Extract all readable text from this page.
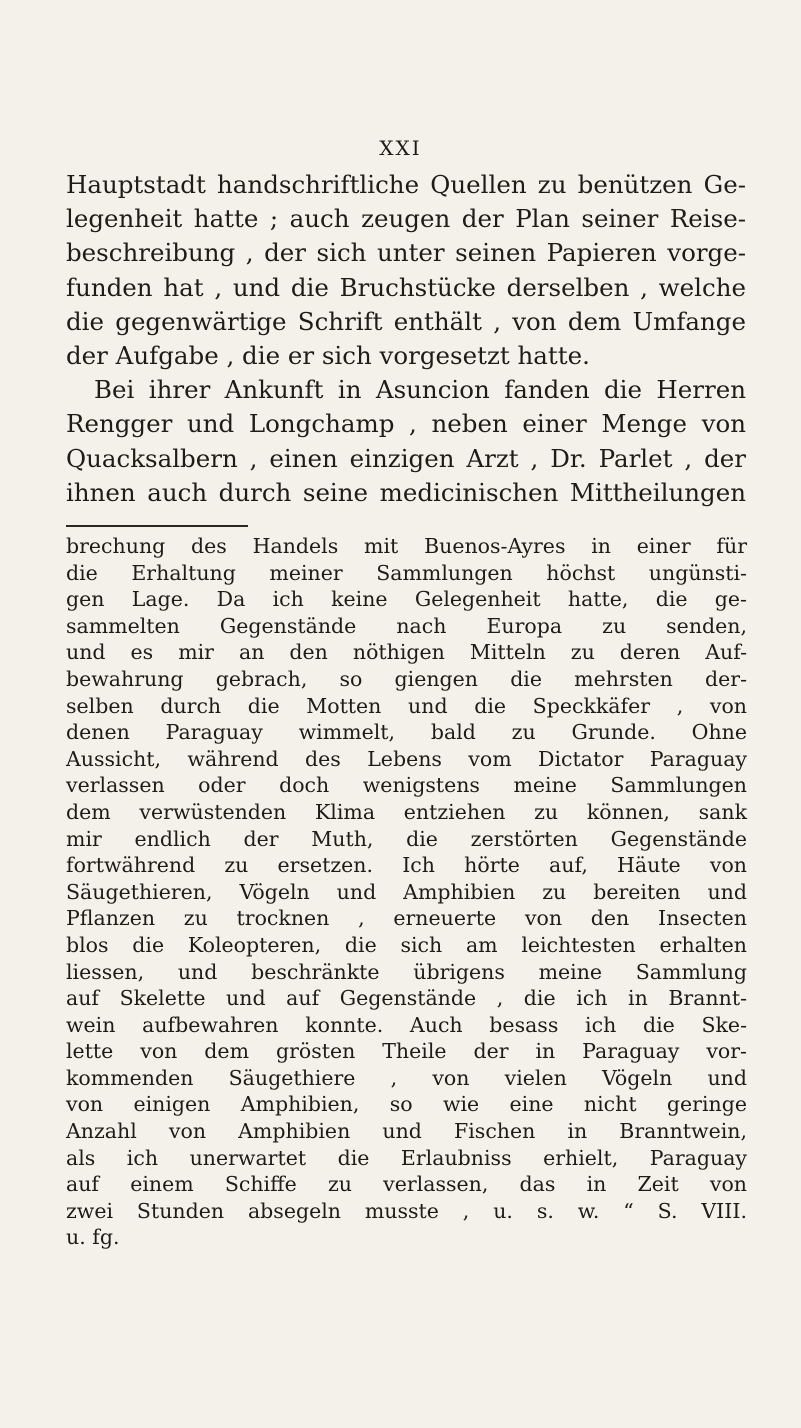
XXI
Hauptstadt handschriftliche Quellen zu benützen Ge-
legenheit hatte ; auch zeugen der Plan seiner Reise-
beschreibung , der sich unter seinen Papieren vorge-
funden hat , und die Bruchstücke derselben , welche
die gegenwärtige Schrift enthält , von dem Umfange
der Aufgabe , die er sich vorgesetzt hatte.
Bei ihrer Ankunft in Asuncion fanden die Herren
Rengger und Longchamp , neben einer Menge von
Quacksalbern , einen einzigen Arzt , Dr. Parlet , der
ihnen auch durch seine medicinischen Mittheilungen
brechung des Handels mit Buenos-Ayres in einer für
die Erhaltung meiner Sammlungen höchst ungünsti-
gen Lage. Da ich keine Gelegenheit hatte, die ge-
sammelten Gegenstände nach Europa zu senden,
und es mir an den nöthigen Mitteln zu deren Auf-
bewahrung gebrach, so giengen die mehrsten der-
selben durch die Motten und die Speckkäfer , von
denen Paraguay wimmelt, bald zu Grunde. Ohne
Aussicht, während des Lebens vom Dictator Paraguay
verlassen oder doch wenigstens meine Sammlungen
dem verwüstenden Klima entziehen zu können, sank
mir endlich der Muth, die zerstörten Gegenstände
fortwährend zu ersetzen. Ich hörte auf, Häute von
Säugethieren, Vögeln und Amphibien zu bereiten und
Pflanzen zu trocknen , erneuerte von den Insecten
blos die Koleopteren, die sich am leichtesten erhalten
liessen, und beschränkte übrigens meine Sammlung
auf Skelette und auf Gegenstände , die ich in Brannt-
wein aufbewahren konnte. Auch besass ich die Ske-
lette von dem grösten Theile der in Paraguay vor-
kommenden Säugethiere , von vielen Vögeln und
von einigen Amphibien, so wie eine nicht geringe
Anzahl von Amphibien und Fischen in Branntwein,
als ich unerwartet die Erlaubniss erhielt, Paraguay
auf einem Schiffe zu verlassen, das in Zeit von
zwei Stunden absegeln musste , u. s. w. “ S. VIII.
u. fg.
